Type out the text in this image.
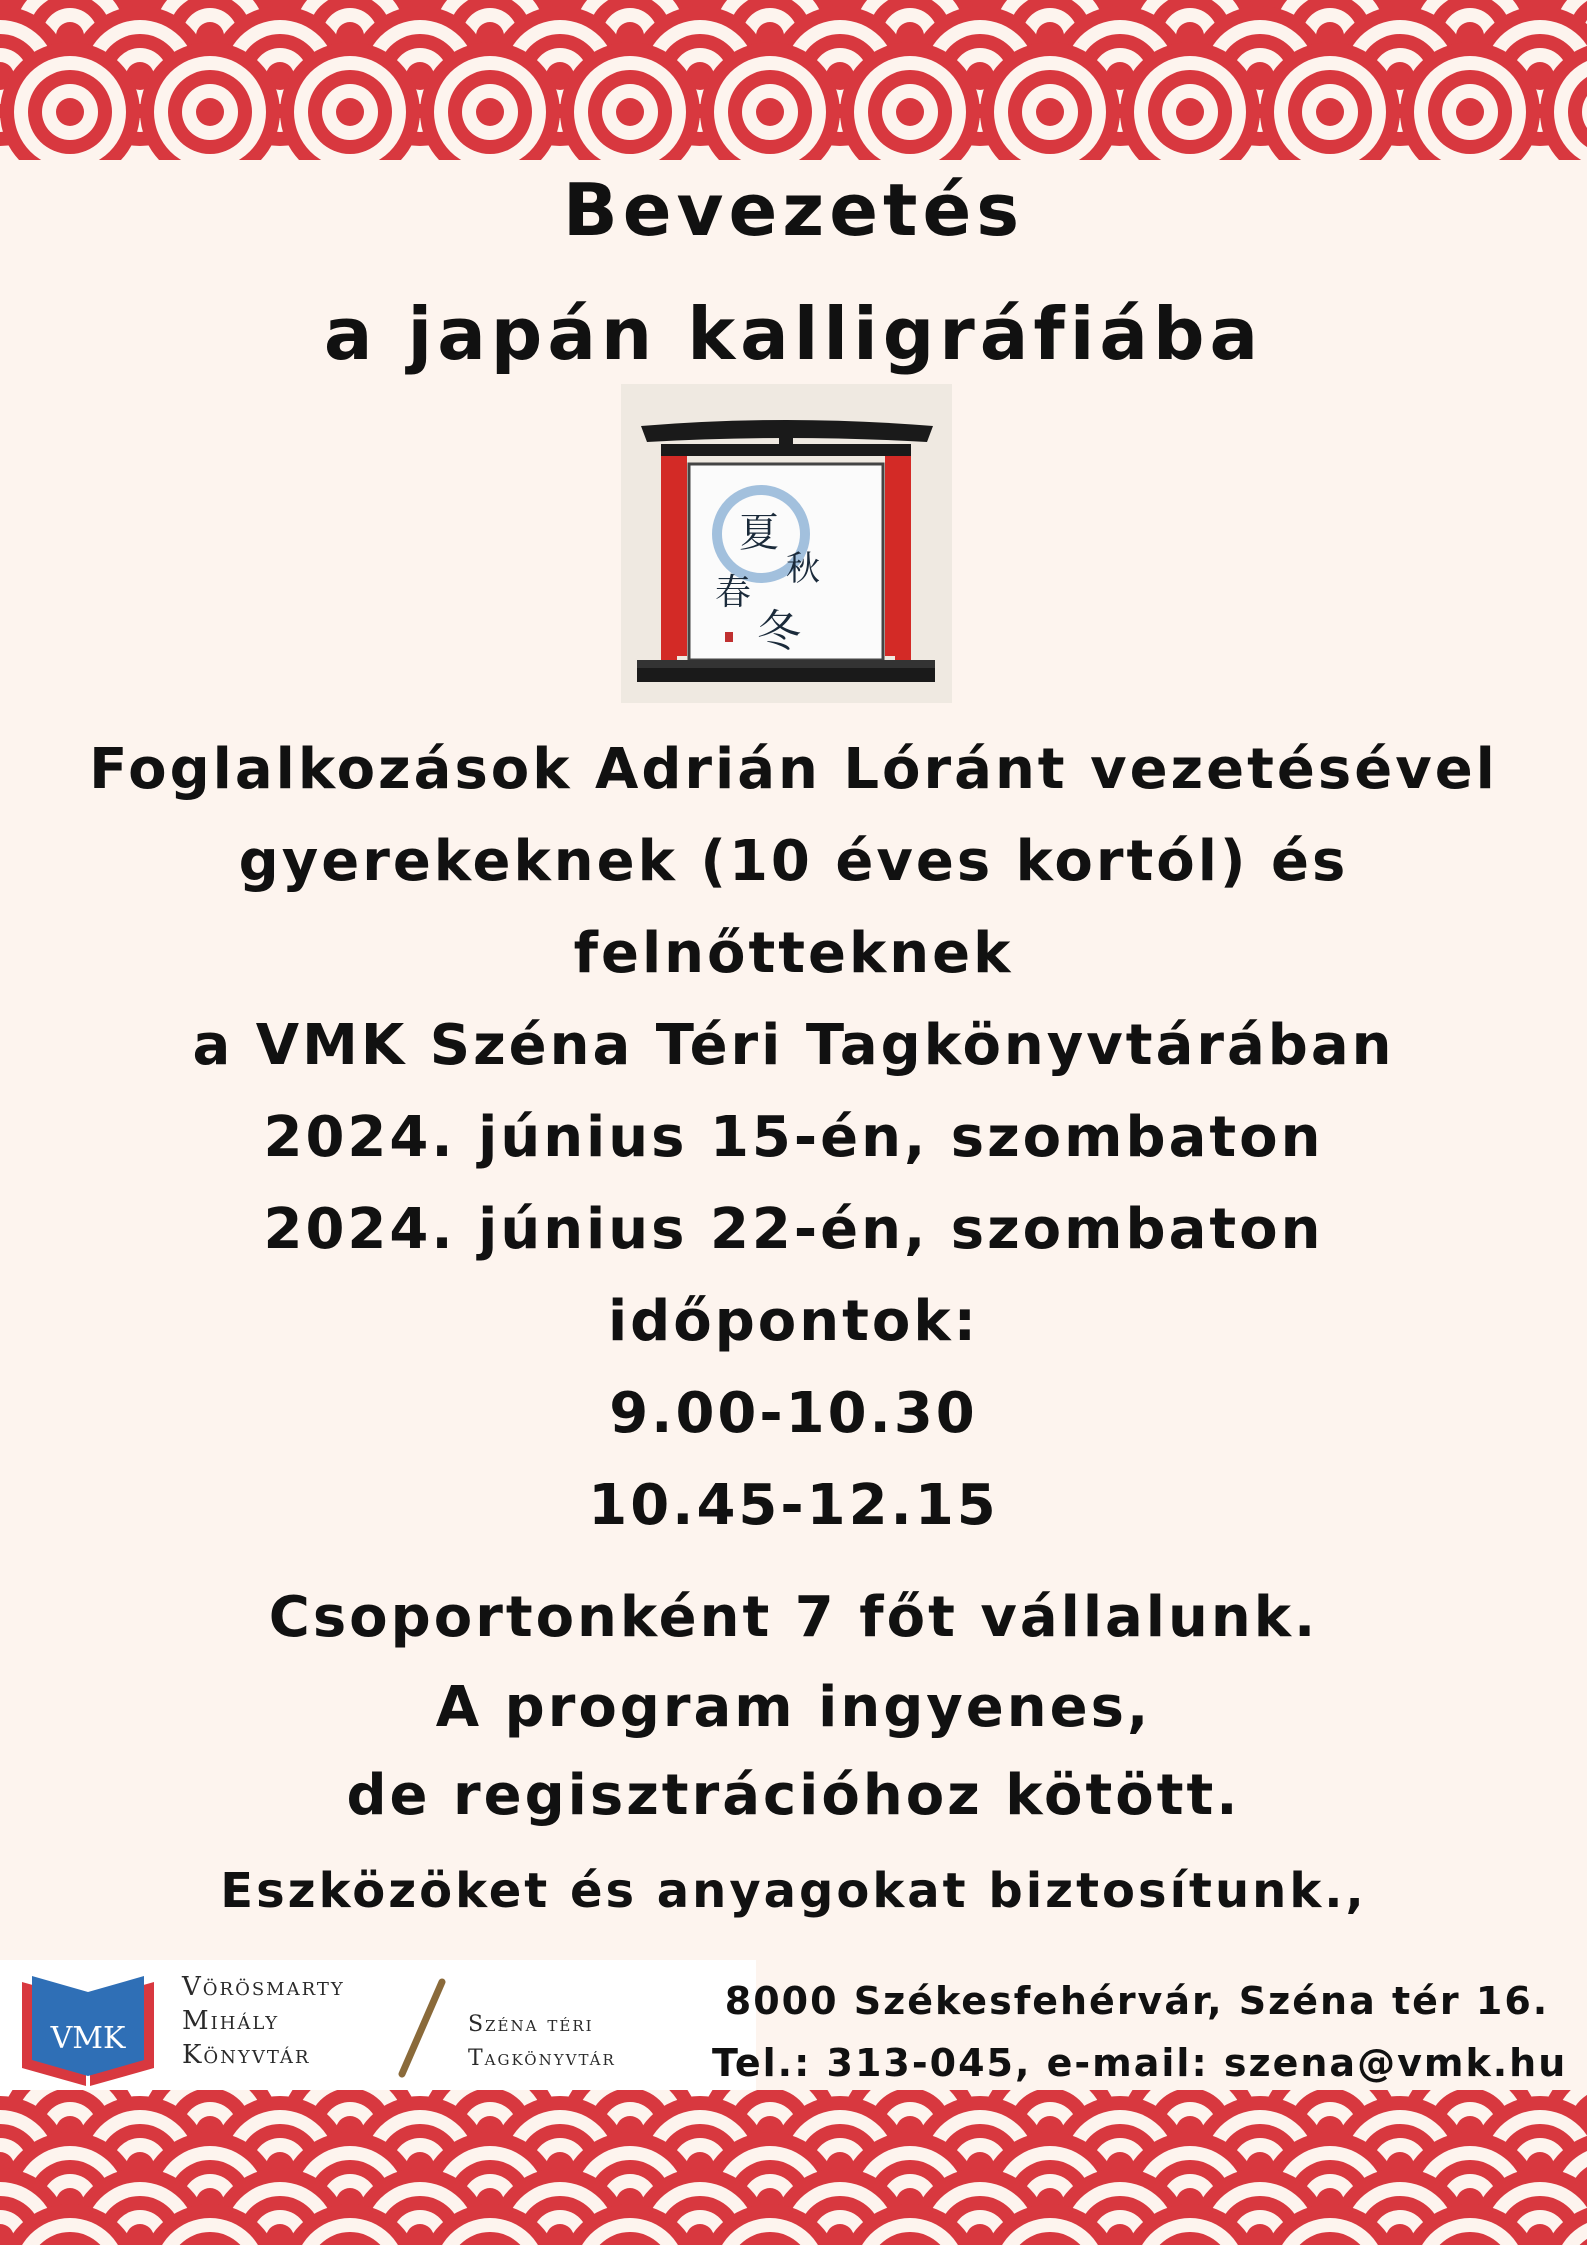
Bevezetés
a japán kalligráfiába
夏
秋
春
冬
Foglalkozások Adrián Lóránt vezetésével
gyerekeknek (10 éves kortól) és
felnőtteknek
a VMK Széna Téri Tagkönyvtárában
2024. június 15-én, szombaton
2024. június 22-én, szombaton
időpontok:
9.00-10.30
10.45-12.15
Csoportonként 7 főt vállalunk.
A program ingyenes,
de regisztrációhoz kötött.
Eszközöket és anyagokat biztosítunk.,
VMK
Vörösmarty
Mihály
Könyvtár
Széna téri
Tagkönyvtár
8000 Székesfehérvár, Széna tér 16.
Tel.: 313-045, e-mail: szena@vmk.hu
